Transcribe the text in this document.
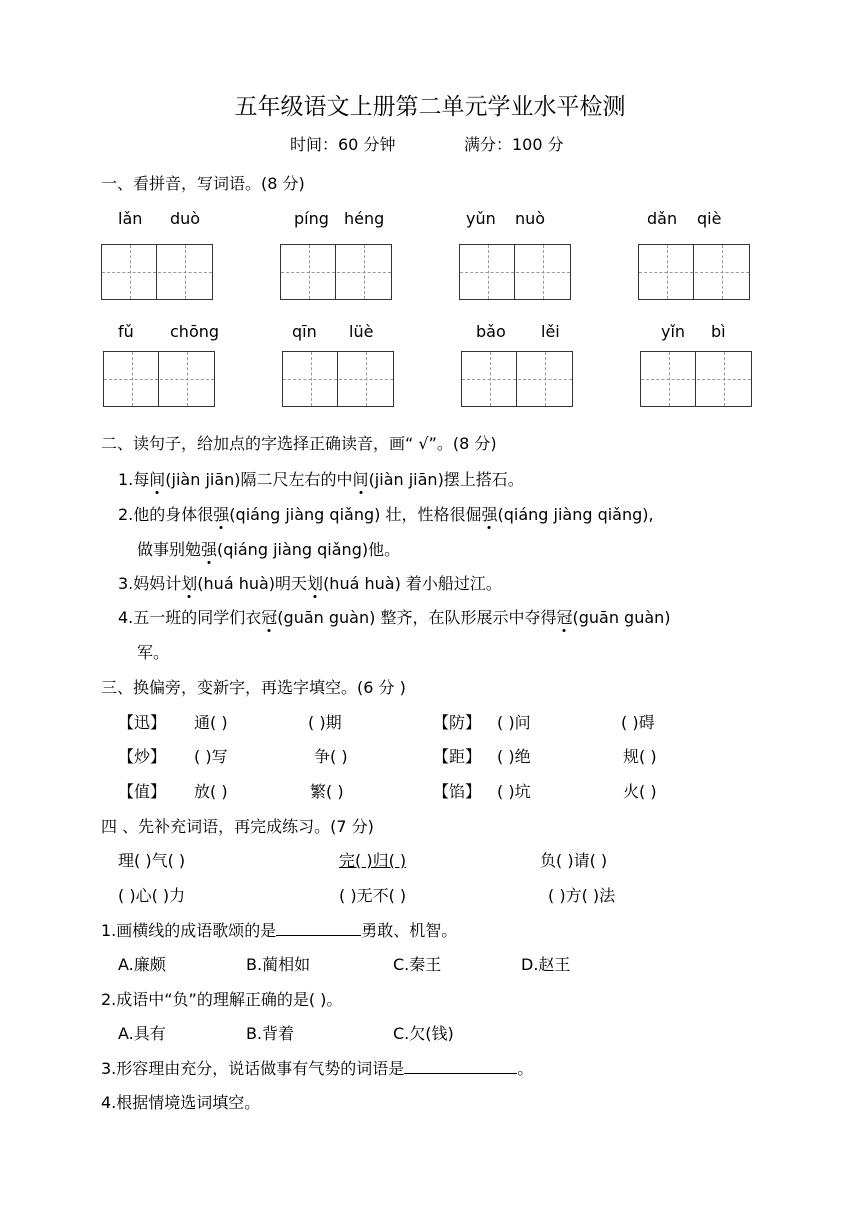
五年级语文上册第二单元学业水平检测
时间：60 分钟	满分：100 分
一、看拼音，写词语。(8 分)
lǎn duò	píng héng	yǔn nuò	dǎn qiè
fǔ chōng	qīn lüè	bǎo lěi	yǐn bì
二、读句子，给加点的字选择正确读音，画“ √”。(8 分)
1.每间(jiàn jiān)隔二尺左右的中间(jiàn jiān)摆上搭石。
2.他的身体很强(qiáng jiàng qiǎng) 壮，性格很倔强(qiáng jiàng qiǎng),
做事别勉强(qiáng jiàng qiǎng)他。
3.妈妈计划(huá huà)明天划(huá huà) 着小船过江。
4.五一班的同学们衣冠(guān guàn) 整齐，在队形展示中夺得冠(guān guàn)
军。
三、换偏旁，变新字，再选字填空。(6 分 )
【迅】 通( )	( )期	【防】 ( )问	( )碍
【炒】 ( )写	争( )	【距】 ( )绝	规( )
【值】 放( )	繁( )	【馅】 ( )坑	火( )
四 、先补充词语，再完成练习。(7 分)
理( )气( )	完( )归( )	负( )请( )
( )心( )力	( )无不( )	( )方( )法
1.画横线的成语歌颂的是	勇敢、机智。
A.廉颇	B.蔺相如	C.秦王	D.赵王
2.成语中“负”的理解正确的是( )。
A.具有	B.背着	C.欠(钱)
3.形容理由充分，说话做事有气势的词语是	。
4.根据情境选词填空。
